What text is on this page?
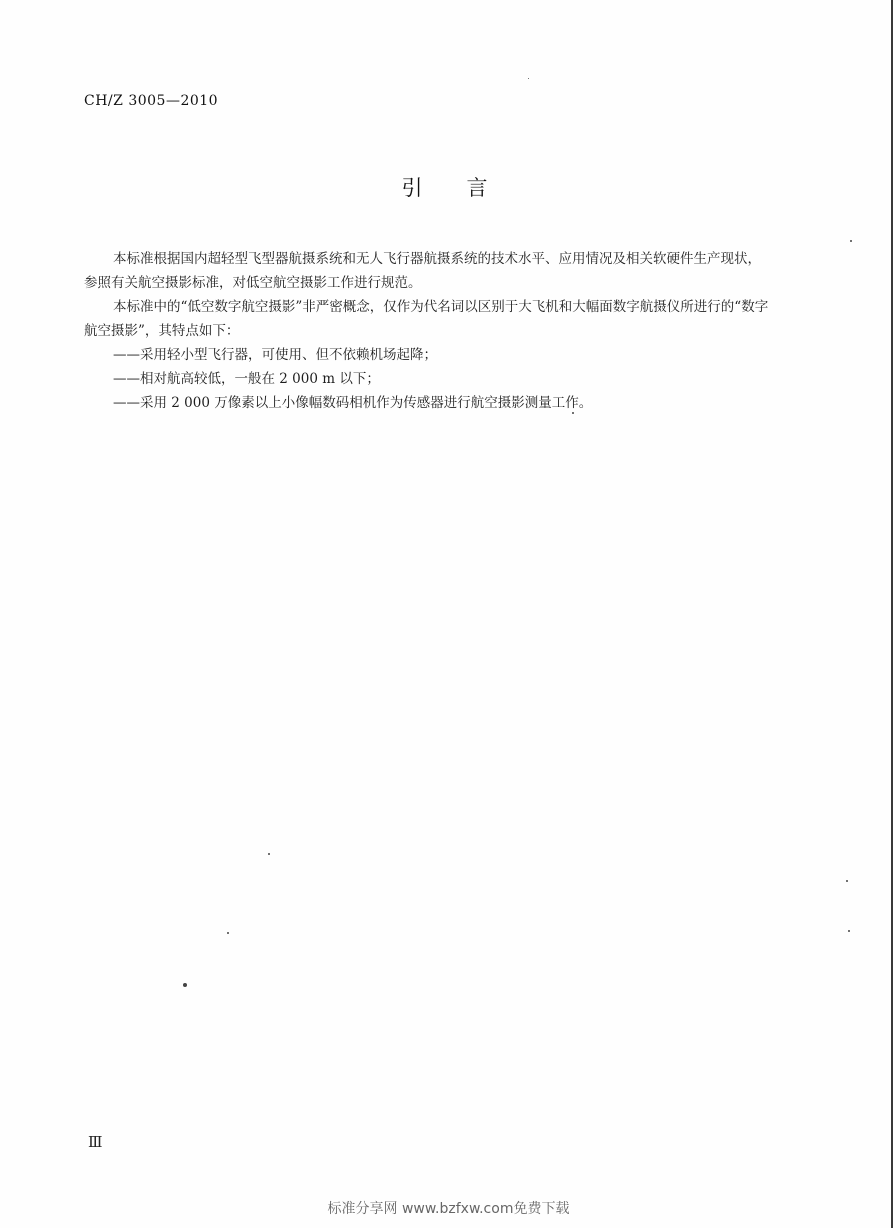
CH/Z 3005—2010
引言

本标准根据国内超轻型飞型器航摄系统和无人飞行器航摄系统的技术水平、应用情况及相关软硬件生产现状，参照有关航空摄影标准，对低空航空摄影工作进行规范。

本标准中的“低空数字航空摄影”非严密概念，仅作为代名词以区别于大飞机和大幅面数字航摄仪所进行的“数字航空摄影”，其特点如下：

——采用轻小型飞行器，可使用、但不依赖机场起降；

——相对航高较低，一般在 2 000 m 以下；

——采用 2 000 万像素以上小像幅数码相机作为传感器进行航空摄影测量工作。

Ⅲ
标准分享网 www.bzfxw.com免费下载
